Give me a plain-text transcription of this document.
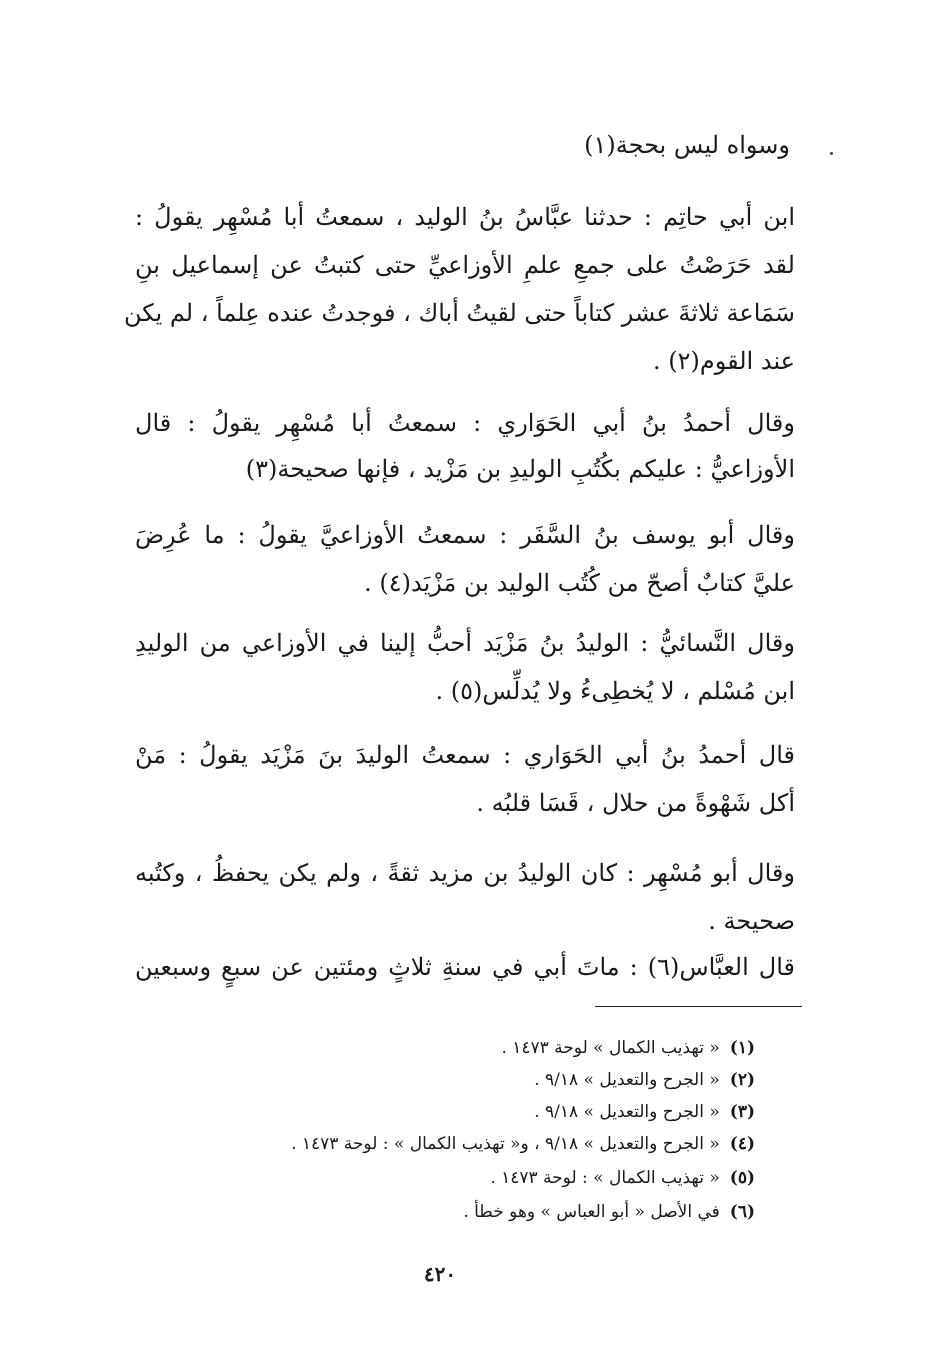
وسواه ليس بحجة(١)
ابن أبي حاتِم : حدثنا عبَّاسُ بنُ الوليد ، سمعتُ أبا مُسْهِر يقولُ :
لقد حَرَصْتُ على جمعِ علمِ الأوزاعيِّ حتى كتبتُ عن إسماعيل بنِ
سَمَاعة ثلاثةَ عشر كتاباً حتى لقيتُ أباك ، فوجدتُ عنده عِلماً ، لم يكن
عند القوم(٢) .
وقال أحمدُ بنُ أبي الحَوَاري : سمعتُ أبا مُسْهِر يقولُ : قال
الأوزاعيُّ : عليكم بكُتُبِ الوليدِ بن مَزْيد ، فإنها صحيحة(٣)
وقال أبو يوسف بنُ السَّفَر : سمعتُ الأوزاعيَّ يقولُ : ما عُرِضَ
عليَّ كتابٌ أصحّ من كُتُب الوليد بن مَزْيَد(٤) .
وقال النَّسائيُّ : الوليدُ بنُ مَزْيَد أحبُّ إلينا في الأوزاعي من الوليدِ
ابن مُسْلم ، لا يُخطِىءُ ولا يُدلِّس(٥) .
قال أحمدُ بنُ أبي الحَوَاري : سمعتُ الوليدَ بنَ مَزْيَد يقولُ : مَنْ
أكل شَهْوةً من حلال ، قَسَا قلبُه .
وقال أبو مُسْهِر : كان الوليدُ بن مزيد ثقةً ، ولم يكن يحفظُ ، وكتُبه
صحيحة .
قال العبَّاس(٦) : ماتَ أبي في سنةِ ثلاثٍ ومئتين عن سبعٍ وسبعين
(١)« تهذيب الكمال » لوحة ١٤٧٣ .
(٢)« الجرح والتعديل » ٩/١٨ .
(٣)« الجرح والتعديل » ٩/١٨ .
(٤)« الجرح والتعديل » ٩/١٨ ، و« تهذيب الكمال » : لوحة ١٤٧٣ .
(٥)« تهذيب الكمال » : لوحة ١٤٧٣ .
(٦)في الأصل « أبو العباس » وهو خطأ .
٤٢٠
